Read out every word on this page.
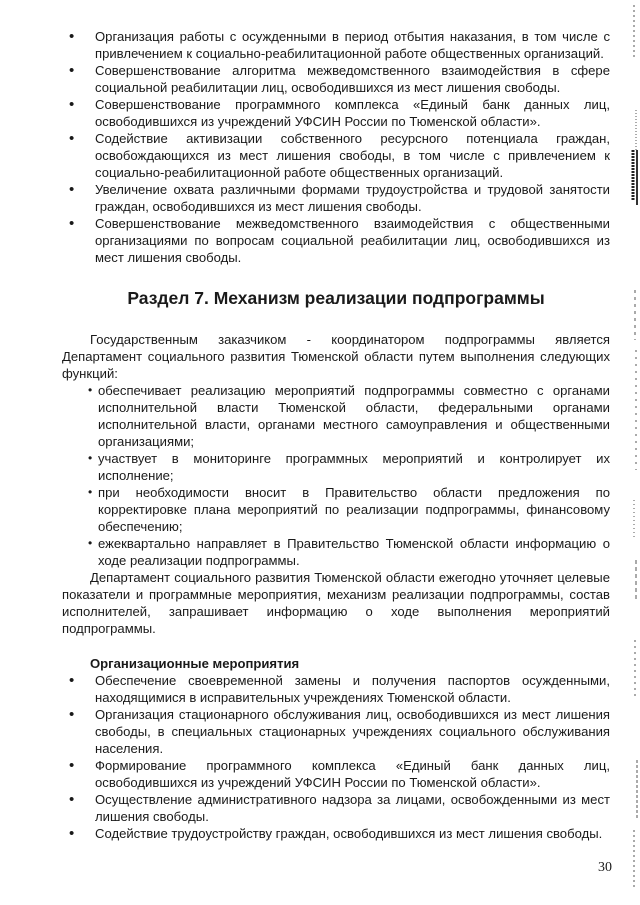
• Организация работы с осужденными в период отбытия наказания, в том числе с привлечением к социально-реабилитационной работе общественных организаций.
• Совершенствование алгоритма межведомственного взаимодействия в сфере социальной реабилитации лиц, освободившихся из мест лишения свободы.
• Совершенствование программного комплекса «Единый банк данных лиц, освободившихся из учреждений УФСИН России по Тюменской области».
• Содействие активизации собственного ресурсного потенциала граждан, освобождающихся из мест лишения свободы, в том числе с привлечением к социально-реабилитационной работе общественных организаций.
• Увеличение охвата различными формами трудоустройства и трудовой занятости граждан, освободившихся из мест лишения свободы.
• Совершенствование межведомственного взаимодействия с общественными организациями по вопросам социальной реабилитации лиц, освободившихся из мест лишения свободы.
Раздел 7. Механизм реализации подпрограммы

Государственным заказчиком - координатором подпрограммы является Департамент социального развития Тюменской области путем выполнения следующих функций:

• обеспечивает реализацию мероприятий подпрограммы совместно с органами исполнительной власти Тюменской области, федеральными органами исполнительной власти, органами местного самоуправления и общественными организациями;
• участвует в мониторинге программных мероприятий и контролирует их исполнение;
• при необходимости вносит в Правительство области предложения по корректировке плана мероприятий по реализации подпрограммы, финансовому обеспечению;
• ежеквартально направляет в Правительство Тюменской области информацию о ходе реализации подпрограммы.

Департамент социального развития Тюменской области ежегодно уточняет целевые показатели и программные мероприятия, механизм реализации подпрограммы, состав исполнителей, запрашивает информацию о ходе выполнения мероприятий подпрограммы.

Организационные мероприятия
• Обеспечение своевременной замены и получения паспортов осужденными, находящимися в исправительных учреждениях Тюменской области.
• Организация стационарного обслуживания лиц, освободившихся из мест лишения свободы, в специальных стационарных учреждениях социального обслуживания населения.
• Формирование программного комплекса «Единый банк данных лиц, освободившихся из учреждений УФСИН России по Тюменской области».
• Осуществление административного надзора за лицами, освобожденными из мест лишения свободы.
• Содействие трудоустройству граждан, освободившихся из мест лишения свободы.
30
